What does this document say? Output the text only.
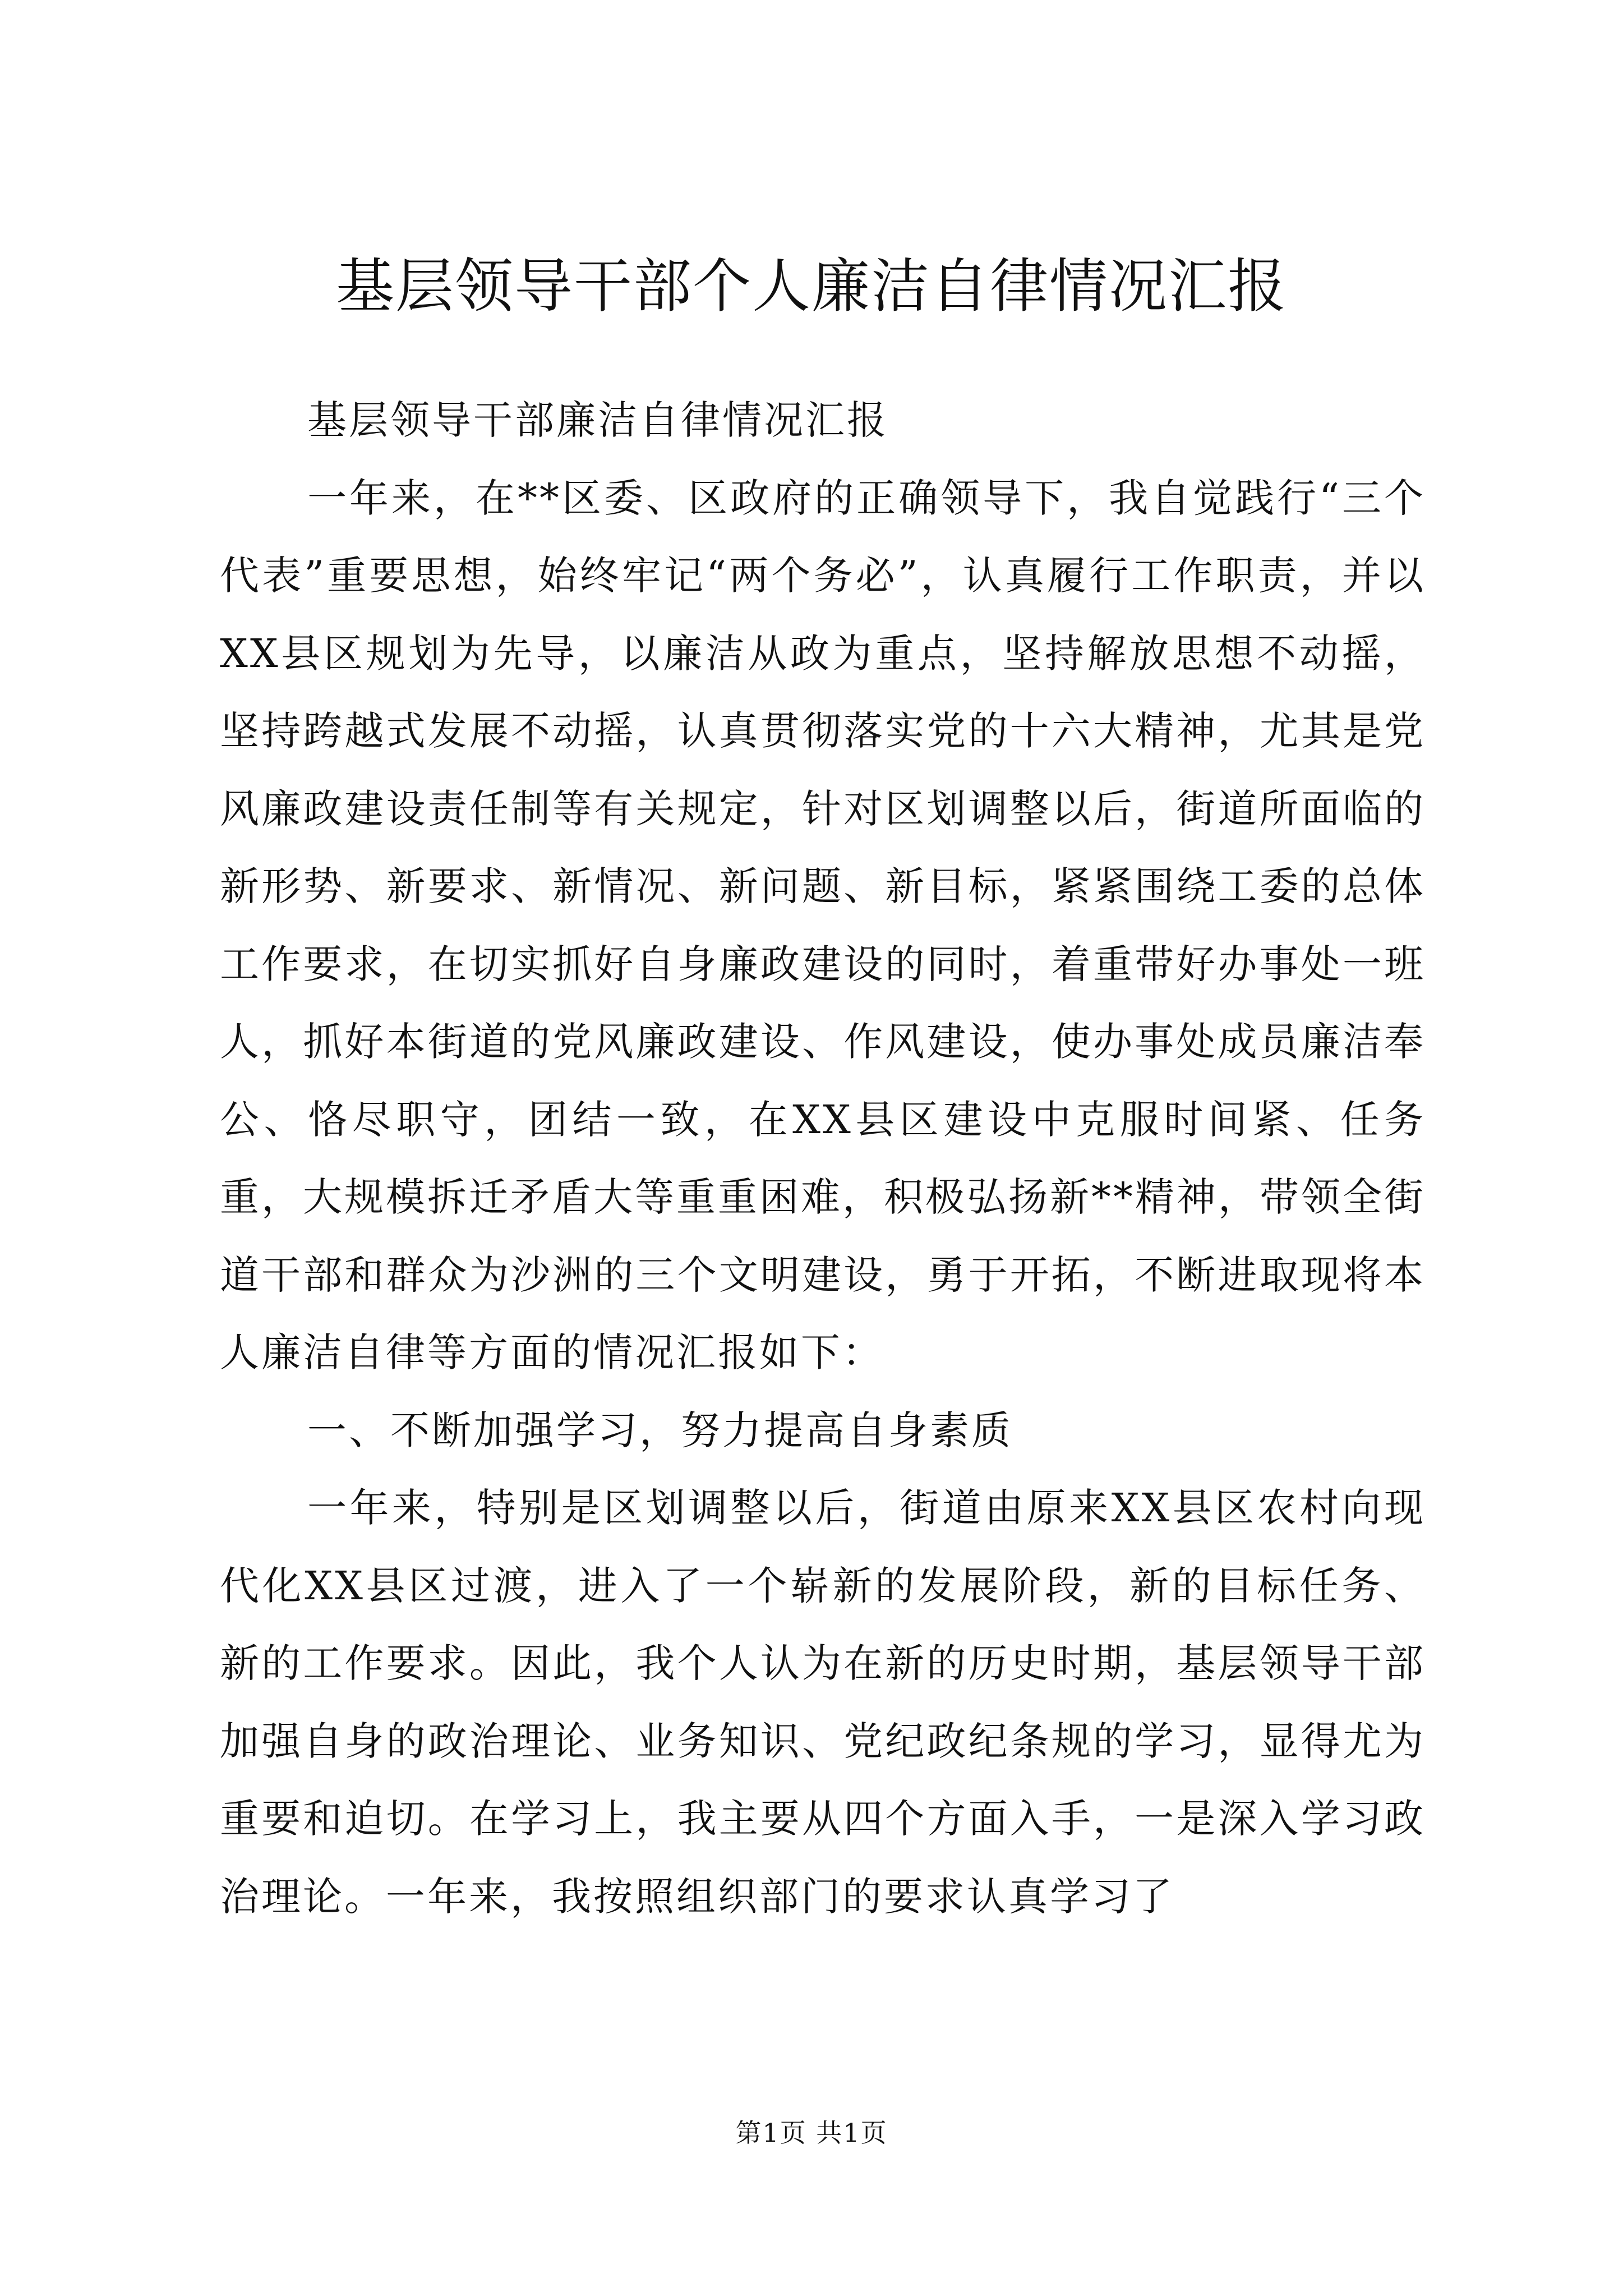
基层领导干部个人廉洁自律情况汇报

基层领导干部廉洁自律情况汇报

一年来，在**区委、区政府的正确领导下，我自觉践行“三个代表”重要思想，始终牢记“两个务必”，认真履行工作职责，并以XX县区规划为先导，以廉洁从政为重点，坚持解放思想不动摇，坚持跨越式发展不动摇，认真贯彻落实党的十六大精神，尤其是党风廉政建设责任制等有关规定，针对区划调整以后，街道所面临的新形势、新要求、新情况、新问题、新目标，紧紧围绕工委的总体工作要求，在切实抓好自身廉政建设的同时，着重带好办事处一班人，抓好本街道的党风廉政建设、作风建设，使办事处成员廉洁奉公、恪尽职守，团结一致，在XX县区建设中克服时间紧、任务重，大规模拆迁矛盾大等重重困难，积极弘扬新**精神，带领全街道干部和群众为沙洲的三个文明建设，勇于开拓，不断进取现将本人廉洁自律等方面的情况汇报如下：

一、不断加强学习，努力提高自身素质

一年来，特别是区划调整以后，街道由原来XX县区农村向现代化XX县区过渡，进入了一个崭新的发展阶段，新的目标任务、新的工作要求。因此，我个人认为在新的历史时期，基层领导干部加强自身的政治理论、业务知识、党纪政纪条规的学习，显得尤为重要和迫切。在学习上，我主要从四个方面入手，一是深入学习政治理论。一年来，我按照组织部门的要求认真学习了

第1页 共1页
